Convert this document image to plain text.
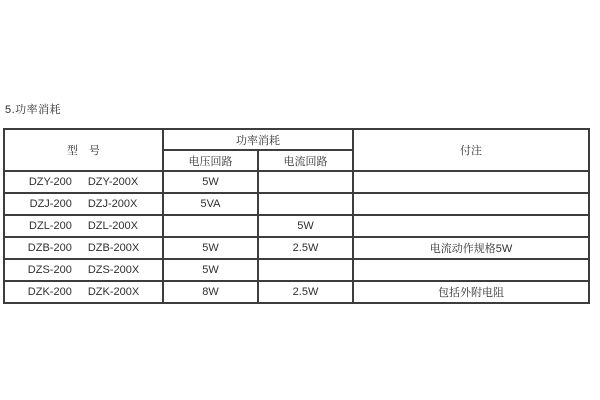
5.功率消耗
型　号	功率消耗		付注
	电压回路	电流回路	
DZY-200 DZY-200X	5W		
DZJ-200 DZJ-200X	5VA		
DZL-200 DZL-200X		5W	
DZB-200 DZB-200X	5W	2.5W	电流动作规格5W
DZS-200 DZS-200X	5W		
DZK-200 DZK-200X	8W	2.5W	包括外附电阻
